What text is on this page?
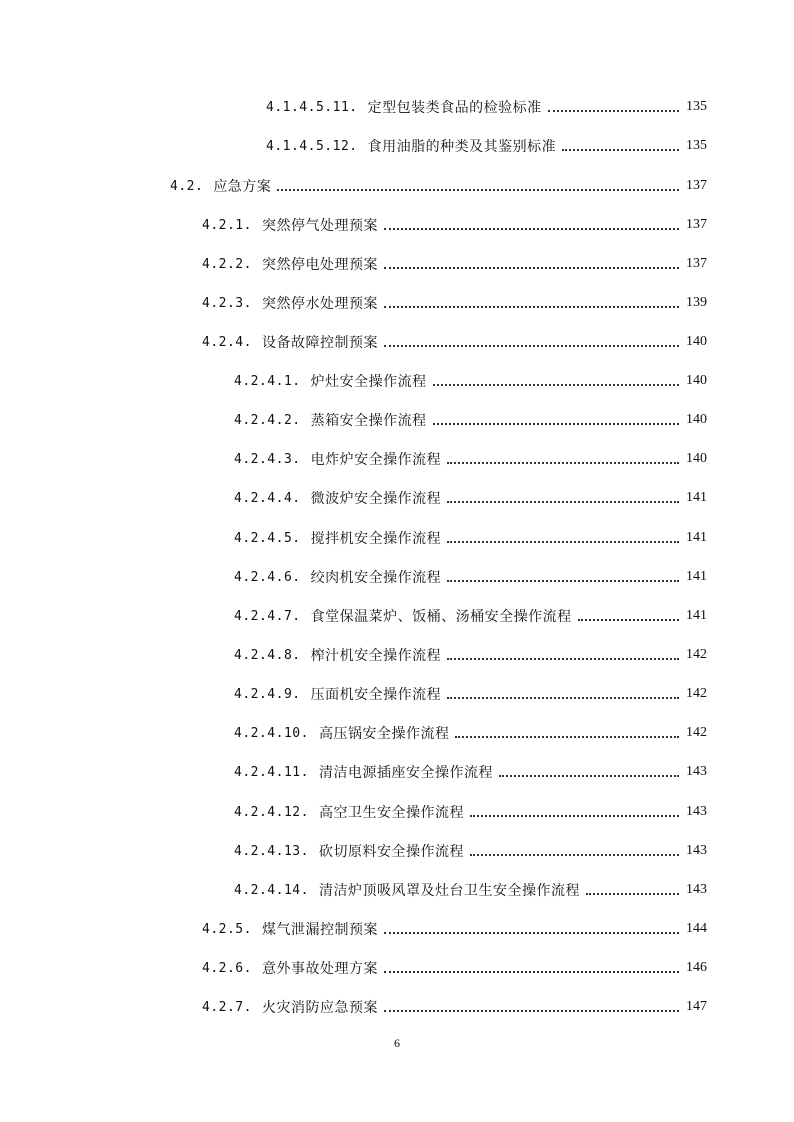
4.1.4.5.11. 定型包装类食品的检验标准	135
4.1.4.5.12. 食用油脂的种类及其鉴别标准	135
4.2. 应急方案	137
4.2.1. 突然停气处理预案	137
4.2.2. 突然停电处理预案	137
4.2.3. 突然停水处理预案	139
4.2.4. 设备故障控制预案	140
4.2.4.1. 炉灶安全操作流程	140
4.2.4.2. 蒸箱安全操作流程	140
4.2.4.3. 电炸炉安全操作流程	140
4.2.4.4. 微波炉安全操作流程	141
4.2.4.5. 搅拌机安全操作流程	141
4.2.4.6. 绞肉机安全操作流程	141
4.2.4.7. 食堂保温菜炉、饭桶、汤桶安全操作流程	141
4.2.4.8. 榨汁机安全操作流程	142
4.2.4.9. 压面机安全操作流程	142
4.2.4.10. 高压锅安全操作流程	142
4.2.4.11. 清洁电源插座安全操作流程	143
4.2.4.12. 高空卫生安全操作流程	143
4.2.4.13. 砍切原料安全操作流程	143
4.2.4.14. 清洁炉顶吸风罩及灶台卫生安全操作流程	143
4.2.5. 煤气泄漏控制预案	144
4.2.6. 意外事故处理方案	146
4.2.7. 火灾消防应急预案	147
6
